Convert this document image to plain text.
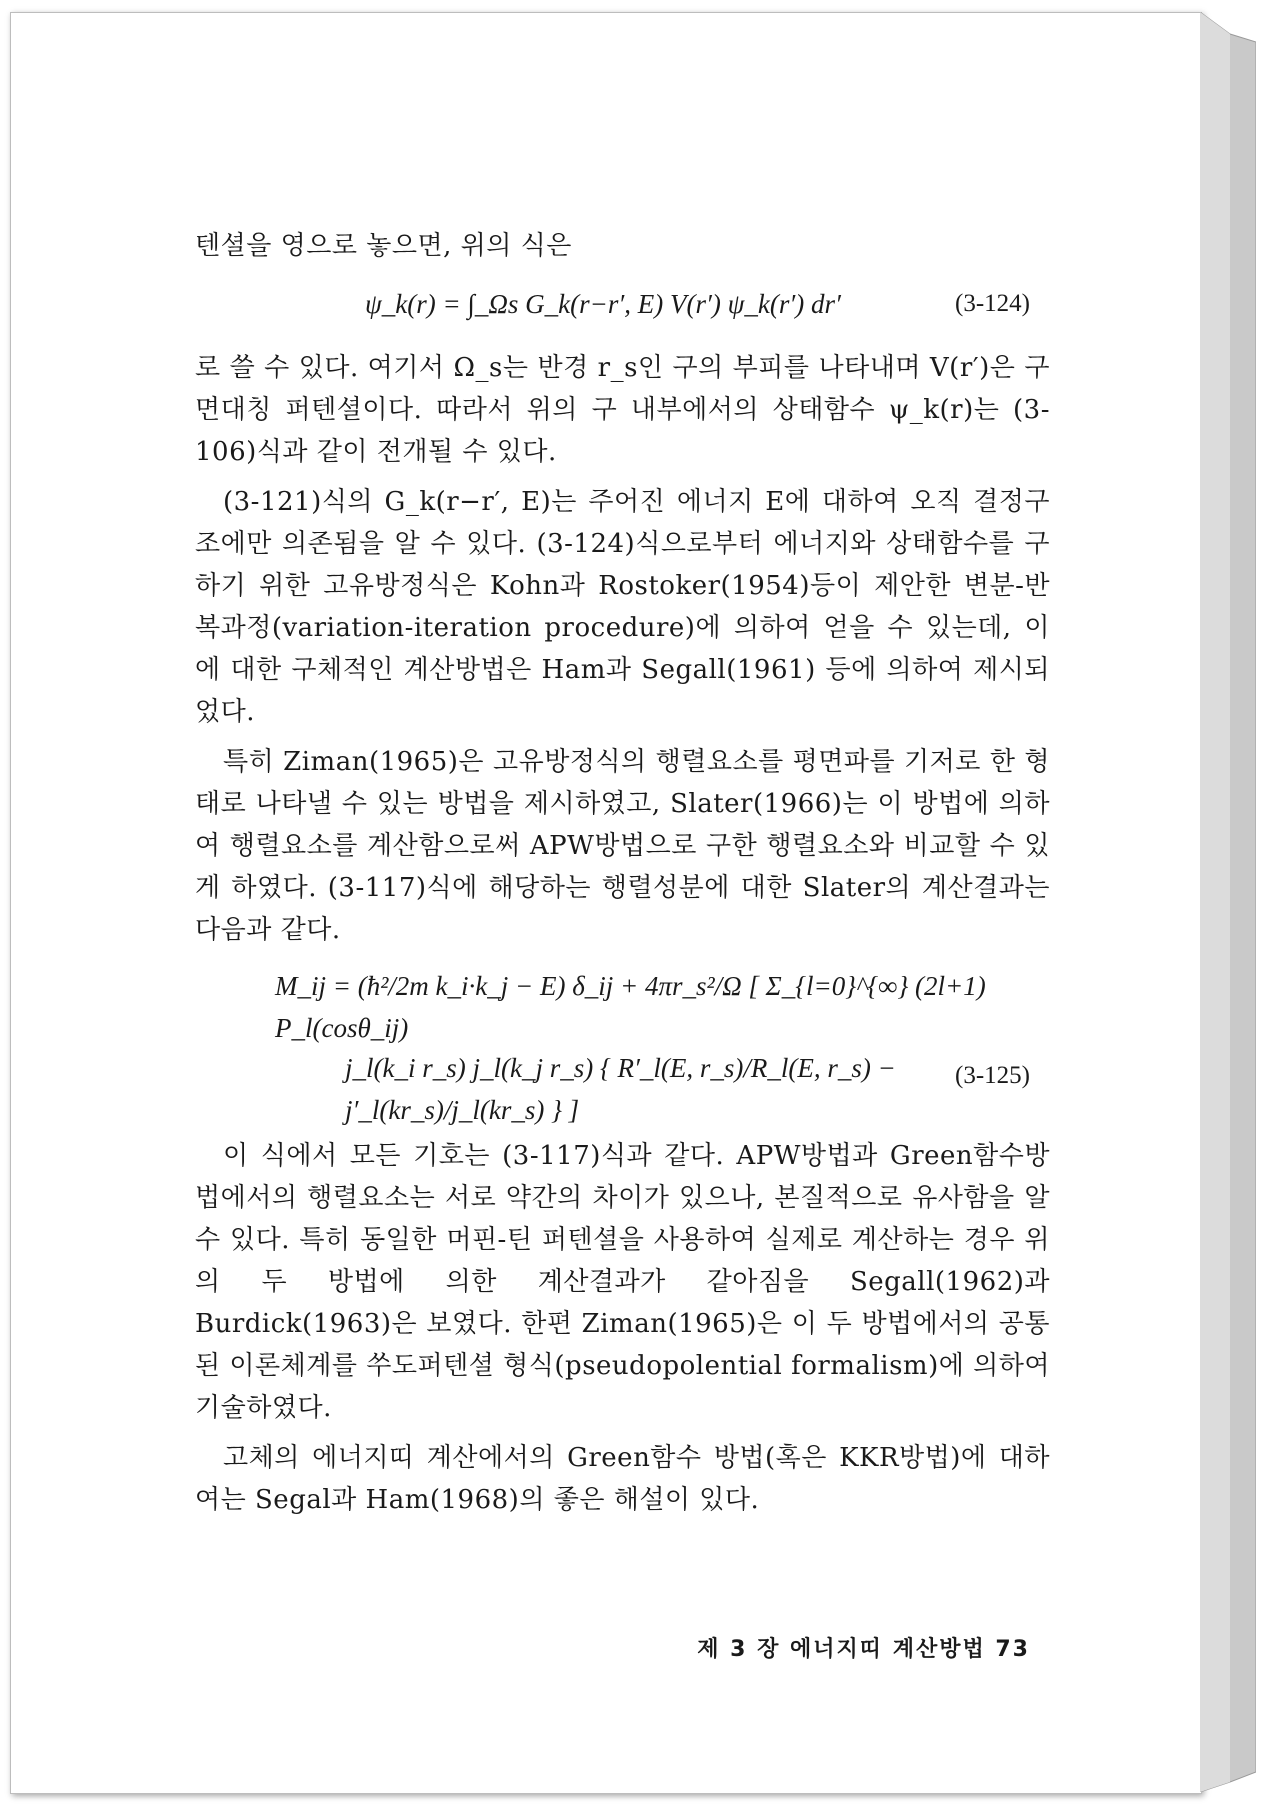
텐셜을 영으로 놓으면, 위의 식은

ψ_k(r) = ∫_Ωs G_k(r−r′, E) V(r′) ψ_k(r′) dr′	(3-124)

로 쓸 수 있다. 여기서 Ω_s는 반경 r_s인 구의 부피를 나타내며 V(r′)은 구면대칭 퍼텐셜이다. 따라서 위의 구 내부에서의 상태함수 ψ_k(r)는 (3-106)식과 같이 전개될 수 있다.

(3-121)식의 G_k(r−r′, E)는 주어진 에너지 E에 대하여 오직 결정구조에만 의존됨을 알 수 있다. (3-124)식으로부터 에너지와 상태함수를 구하기 위한 고유방정식은 Kohn과 Rostoker(1954)등이 제안한 변분-반복과정(variation-iteration procedure)에 의하여 얻을 수 있는데, 이에 대한 구체적인 계산방법은 Ham과 Segall(1961) 등에 의하여 제시되었다.

특히 Ziman(1965)은 고유방정식의 행렬요소를 평면파를 기저로 한 형태로 나타낼 수 있는 방법을 제시하였고, Slater(1966)는 이 방법에 의하여 행렬요소를 계산함으로써 APW방법으로 구한 행렬요소와 비교할 수 있게 하였다. (3-117)식에 해당하는 행렬성분에 대한 Slater의 계산결과는 다음과 같다.

M_ij = (ħ²/2m k_i·k_j − E) δ_ij + 4πr_s²/Ω [ Σ_{l=0}^{∞} (2l+1) P_l(cosθ_ij)
j_l(k_i r_s) j_l(k_j r_s) { R′_l(E, r_s)/R_l(E, r_s) − j′_l(kr_s)/j_l(kr_s) } ]
(3-125)

이 식에서 모든 기호는 (3-117)식과 같다. APW방법과 Green함수방법에서의 행렬요소는 서로 약간의 차이가 있으나, 본질적으로 유사함을 알 수 있다. 특히 동일한 머핀-틴 퍼텐셜을 사용하여 실제로 계산하는 경우 위의 두 방법에 의한 계산결과가 같아짐을 Segall(1962)과 Burdick(1963)은 보였다. 한편 Ziman(1965)은 이 두 방법에서의 공통된 이론체계를 쑤도퍼텐셜 형식(pseudopolential formalism)에 의하여 기술하였다.

고체의 에너지띠 계산에서의 Green함수 방법(혹은 KKR방법)에 대하여는 Segal과 Ham(1968)의 좋은 해설이 있다.

제 3 장 에너지띠 계산방법 73
